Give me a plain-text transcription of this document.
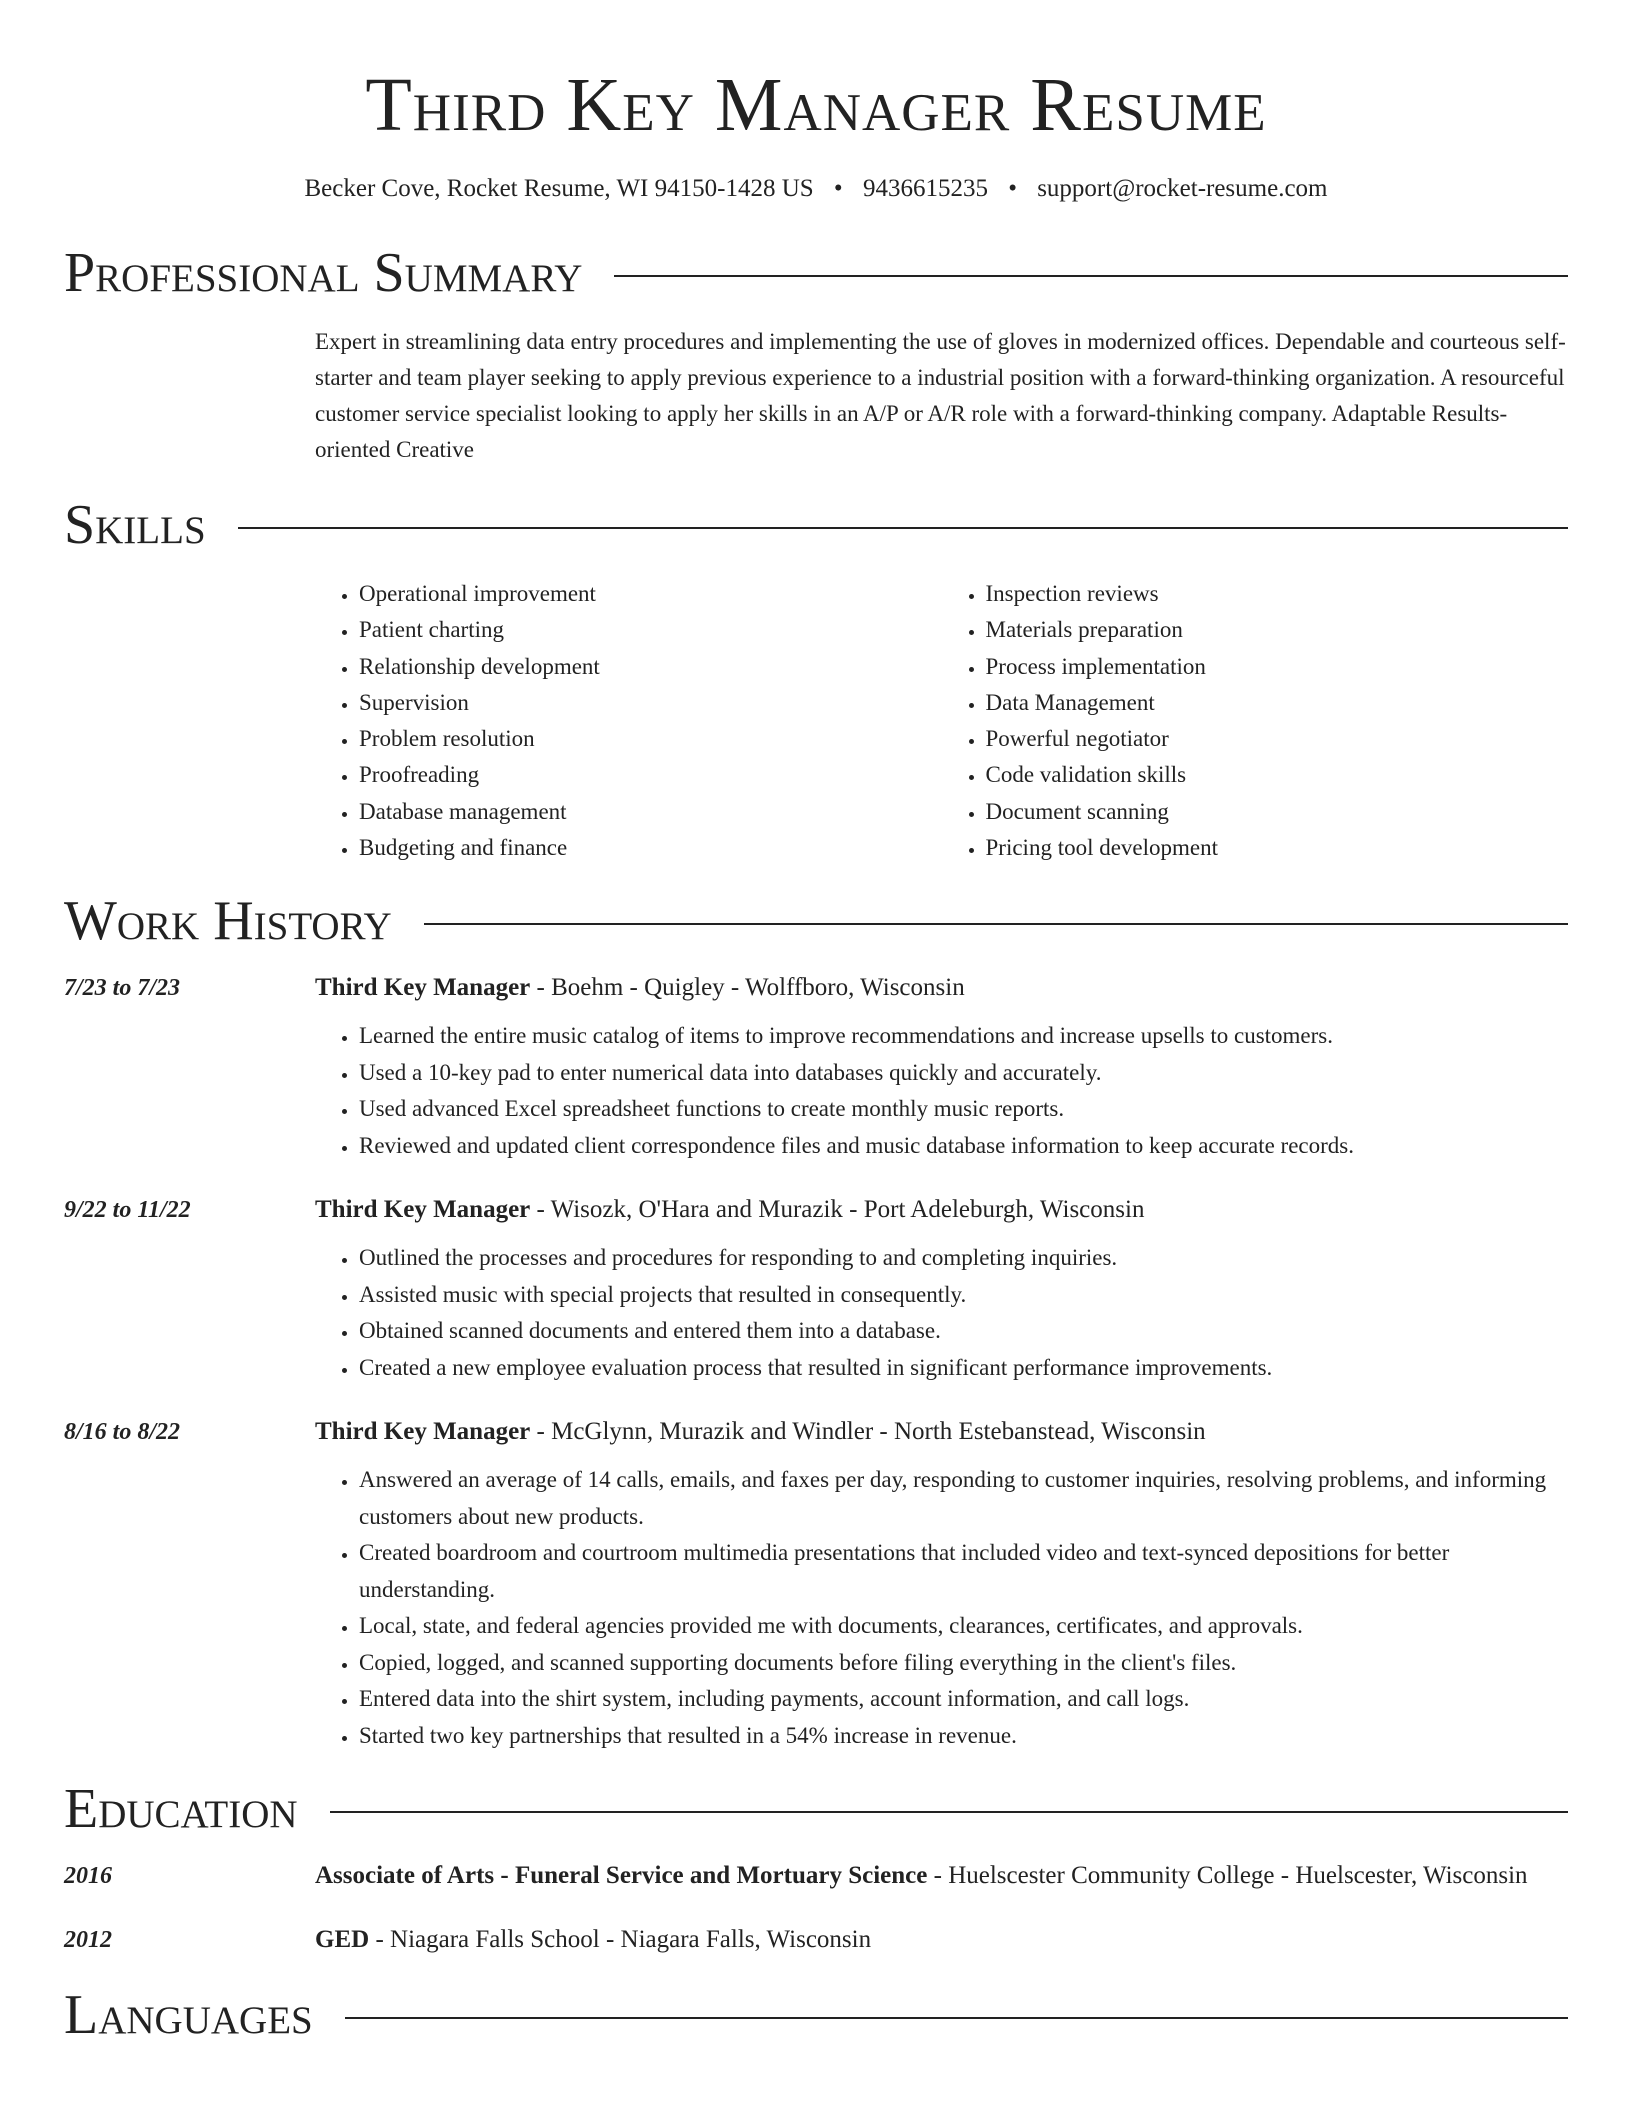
Third Key Manager Resume
Becker Cove, Rocket Resume, WI 94150-1428 US • 9436615235 • support@rocket-resume.com
Professional Summary
Expert in streamlining data entry procedures and implementing the use of gloves in modernized offices. Dependable and courteous self-starter and team player seeking to apply previous experience to a industrial position with a forward-thinking organization. A resourceful customer service specialist looking to apply her skills in an A/P or A/R role with a forward-thinking company. Adaptable Results-oriented Creative
Skills
• Operational improvement
• Patient charting
• Relationship development
• Supervision
• Problem resolution
• Proofreading
• Database management
• Budgeting and finance
• Inspection reviews
• Materials preparation
• Process implementation
• Data Management
• Powerful negotiator
• Code validation skills
• Document scanning
• Pricing tool development
Work History
7/23 to 7/23	Third Key Manager - Boehm - Quigley - Wolffboro, Wisconsin
• Learned the entire music catalog of items to improve recommendations and increase upsells to customers.
• Used a 10-key pad to enter numerical data into databases quickly and accurately.
• Used advanced Excel spreadsheet functions to create monthly music reports.
• Reviewed and updated client correspondence files and music database information to keep accurate records.
9/22 to 11/22	Third Key Manager - Wisozk, O'Hara and Murazik - Port Adeleburgh, Wisconsin
• Outlined the processes and procedures for responding to and completing inquiries.
• Assisted music with special projects that resulted in consequently.
• Obtained scanned documents and entered them into a database.
• Created a new employee evaluation process that resulted in significant performance improvements.
8/16 to 8/22	Third Key Manager - McGlynn, Murazik and Windler - North Estebanstead, Wisconsin
• Answered an average of 14 calls, emails, and faxes per day, responding to customer inquiries, resolving problems, and informing customers about new products.
• Created boardroom and courtroom multimedia presentations that included video and text-synced depositions for better understanding.
• Local, state, and federal agencies provided me with documents, clearances, certificates, and approvals.
• Copied, logged, and scanned supporting documents before filing everything in the client's files.
• Entered data into the shirt system, including payments, account information, and call logs.
• Started two key partnerships that resulted in a 54% increase in revenue.
Education
2016	Associate of Arts - Funeral Service and Mortuary Science - Huelscester Community College - Huelscester, Wisconsin
2012	GED - Niagara Falls School - Niagara Falls, Wisconsin
Languages
